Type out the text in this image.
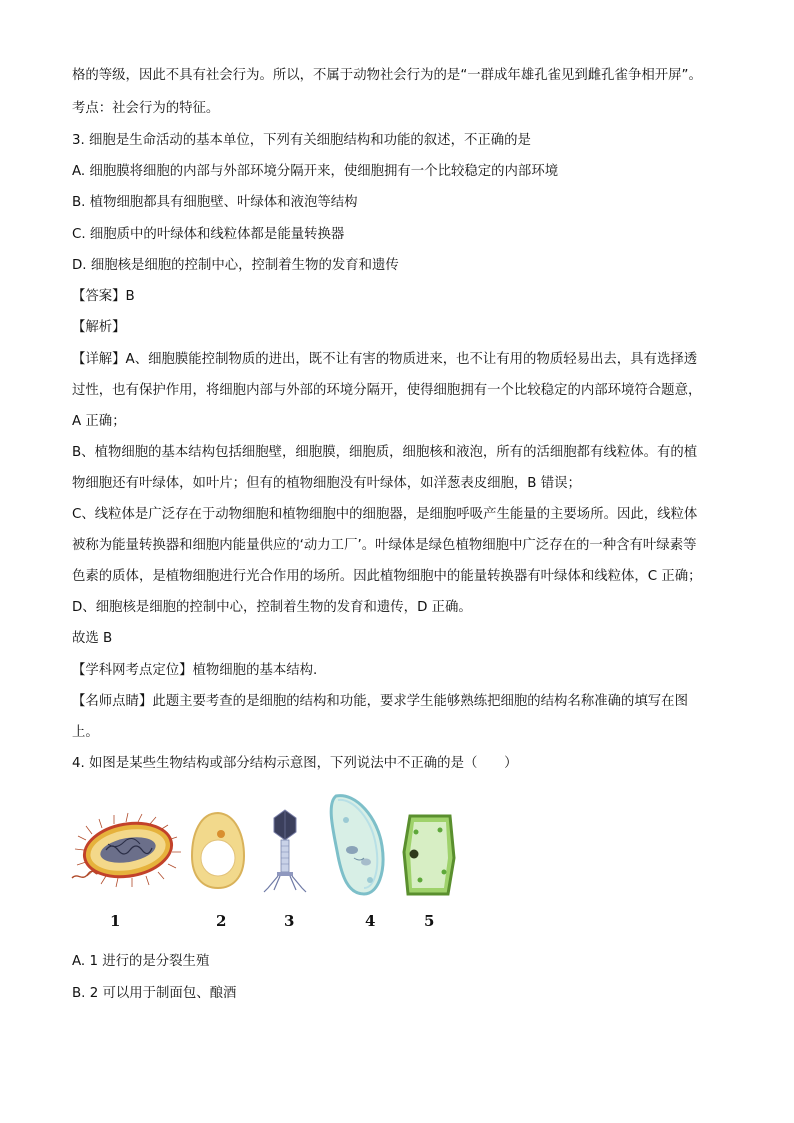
格的等级，因此不具有社会行为。所以，不属于动物社会行为的是“一群成年雄孔雀见到雌孔雀争相开屏”。
考点：社会行为的特征。
3. 细胞是生命活动的基本单位，下列有关细胞结构和功能的叙述，不正确的是
A. 细胞膜将细胞的内部与外部环境分隔开来，使细胞拥有一个比较稳定的内部环境
B. 植物细胞都具有细胞壁、叶绿体和液泡等结构
C. 细胞质中的叶绿体和线粒体都是能量转换器
D. 细胞核是细胞的控制中心，控制着生物的发育和遗传
【答案】B
【解析】
【详解】A、细胞膜能控制物质的进出，既不让有害的物质进来，也不让有用的物质轻易出去，具有选择透
过性，也有保护作用，将细胞内部与外部的环境分隔开，使得细胞拥有一个比较稳定的内部环境符合题意，
A 正确；
B、植物细胞的基本结构包括细胞壁，细胞膜，细胞质，细胞核和液泡，所有的活细胞都有线粒体。有的植
物细胞还有叶绿体，如叶片；但有的植物细胞没有叶绿体，如洋葱表皮细胞，B 错误；
C、线粒体是广泛存在于动物细胞和植物细胞中的细胞器，是细胞呼吸产生能量的主要场所。因此，线粒体
被称为能量转换器和细胞内能量供应的‘动力工厂’。叶绿体是绿色植物细胞中广泛存在的一种含有叶绿素等
色素的质体，是植物细胞进行光合作用的场所。因此植物细胞中的能量转换器有叶绿体和线粒体，C 正确；
D、细胞核是细胞的控制中心，控制着生物的发育和遗传，D 正确。
故选 B
【学科网考点定位】植物细胞的基本结构.
【名师点睛】此题主要考查的是细胞的结构和功能，要求学生能够熟练把细胞的结构名称准确的填写在图
上。
4. 如图是某些生物结构或部分结构示意图，下列说法中不正确的是（　　）
1	2	3	4	5
A. 1 进行的是分裂生殖
B. 2 可以用于制面包、酿酒
